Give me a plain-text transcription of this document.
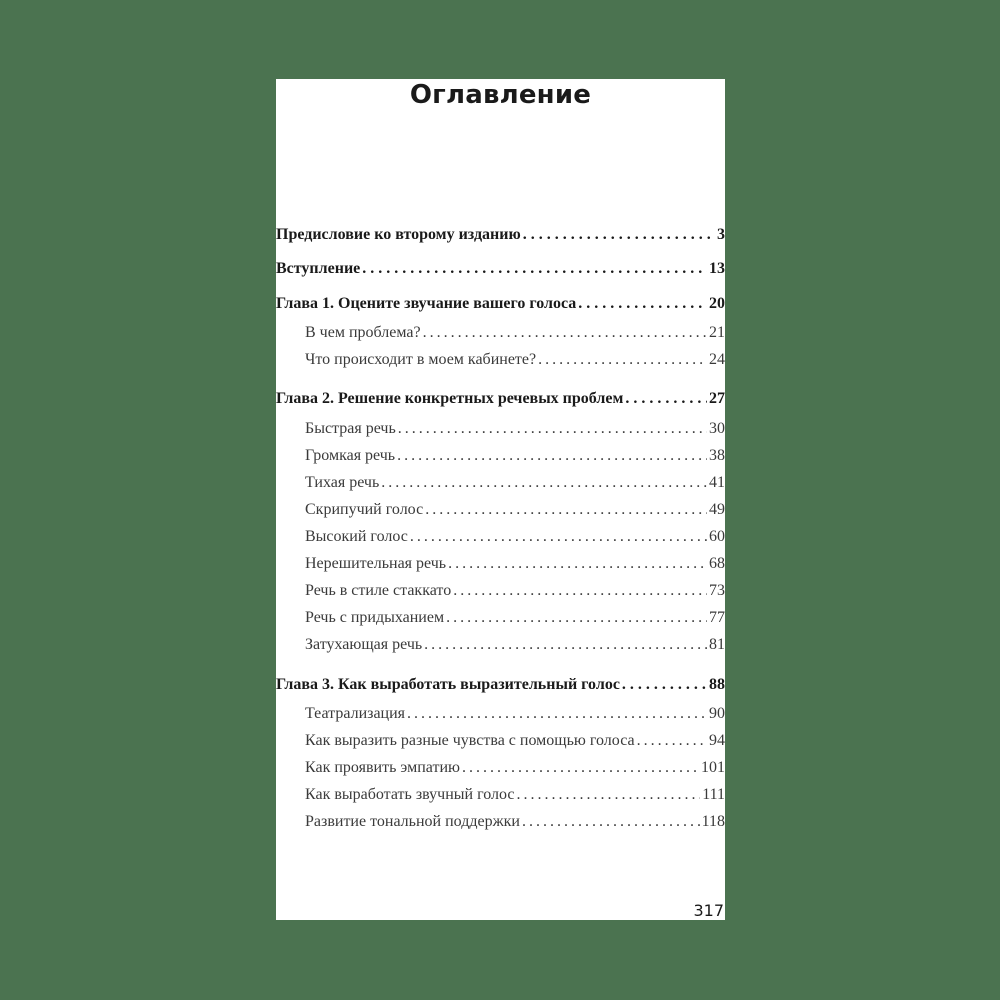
Оглавление
Предисловие ко второму изданию . . .	3
Вступление . . .	13
Глава 1. Оцените звучание вашего голоса . . .	20
В чем проблема? .....	21
Что происходит в моем кабинете? .....	24
Глава 2. Решение конкретных речевых проблем . . .	27
Быстрая речь .....	30
Громкая речь .....	38
Тихая речь .....	41
Скрипучий голос .....	49
Высокий голос .....	60
Нерешительная речь .....	68
Речь в стиле стаккато .....	73
Речь с придыханием .....	77
Затухающая речь .....	81
Глава 3. Как выработать выразительный голос . . .	88
Театрализация .....	90
Как выразить разные чувства с помощью голоса .....	94
Как проявить эмпатию .....	101
Как выработать звучный голос .....	111
Развитие тональной поддержки .....	118
317
